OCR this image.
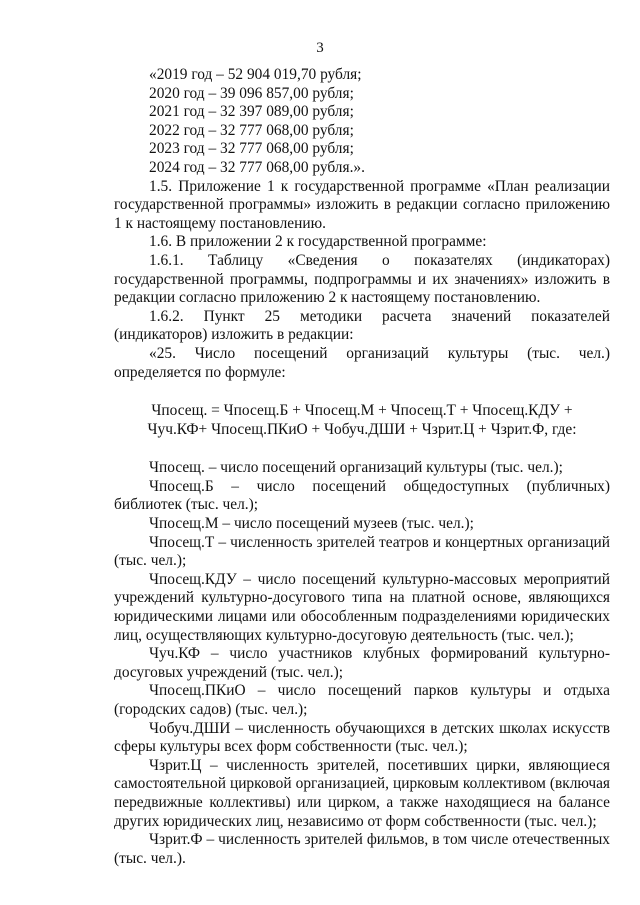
3

«2019 год – 52 904 019,70 рубля;

2020 год – 39 096 857,00 рубля;

2021 год – 32 397 089,00 рубля;

2022 год – 32 777 068,00 рубля;

2023 год – 32 777 068,00 рубля;

2024 год – 32 777 068,00 рубля.».

1.5. Приложение 1 к государственной программе «План реализации государственной программы» изложить в редакции согласно приложению 1 к настоящему постановлению.

1.6. В приложении 2 к государственной программе:

1.6.1. Таблицу «Сведения о показателях (индикаторах) государственной программы, подпрограммы и их значениях» изложить в редакции согласно приложению 2 к настоящему постановлению.

1.6.2. Пункт 25 методики расчета значений показателей (индикаторов) изложить в редакции:

«25. Число посещений организаций культуры (тыс. чел.) определяется по формуле:

Чпосещ. = Чпосещ.Б + Чпосещ.М + Чпосещ.Т + Чпосещ.КДУ +

Чуч.КФ+ Чпосещ.ПКиО + Чобуч.ДШИ + Чзрит.Ц + Чзрит.Ф, где:

Чпосещ. – число посещений организаций культуры (тыс. чел.);

Чпосещ.Б – число посещений общедоступных (публичных) библиотек (тыс. чел.);

Чпосещ.М – число посещений музеев (тыс. чел.);

Чпосещ.Т – численность зрителей театров и концертных организаций (тыс. чел.);

Чпосещ.КДУ – число посещений культурно-массовых мероприятий учреждений культурно-досугового типа на платной основе, являющихся юридическими лицами или обособленным подразделениями юридических лиц, осуществляющих культурно-досуговую деятельность (тыс. чел.);

Чуч.КФ – число участников клубных формирований культурно-досуговых учреждений (тыс. чел.);

Чпосещ.ПКиО – число посещений парков культуры и отдыха (городских садов) (тыс. чел.);

Чобуч.ДШИ – численность обучающихся в детских школах искусств сферы культуры всех форм собственности (тыс. чел.);

Чзрит.Ц – численность зрителей, посетивших цирки, являющиеся самостоятельной цирковой организацией, цирковым коллективом (включая передвижные коллективы) или цирком, а также находящиеся на балансе других юридических лиц, независимо от форм собственности (тыс. чел.);

Чзрит.Ф – численность зрителей фильмов, в том числе отечественных (тыс. чел.).
